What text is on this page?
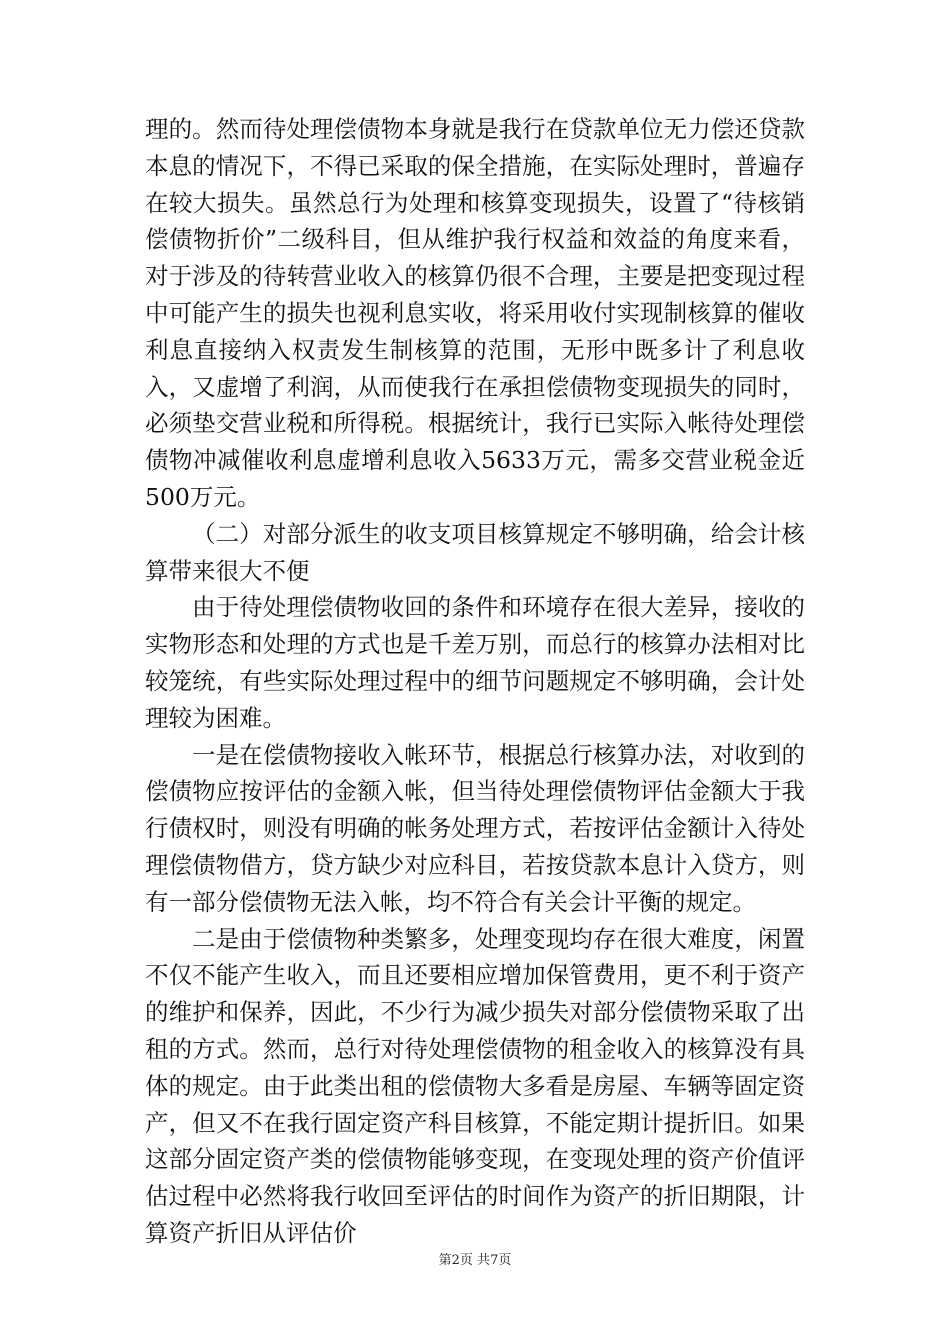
理的。然而待处理偿债物本身就是我行在贷款单位无力偿还贷款本息的情况下，不得已采取的保全措施，在实际处理时，普遍存在较大损失。虽然总行为处理和核算变现损失，设置了“待核销偿债物折价”二级科目，但从维护我行权益和效益的角度来看，对于涉及的待转营业收入的核算仍很不合理，主要是把变现过程中可能产生的损失也视利息实收，将采用收付实现制核算的催收利息直接纳入权责发生制核算的范围，无形中既多计了利息收入，又虚增了利润，从而使我行在承担偿债物变现损失的同时，必须垫交营业税和所得税。根据统计，我行已实际入帐待处理偿债物冲减催收利息虚增利息收入5633万元，需多交营业税金近500万元。

（二）对部分派生的收支项目核算规定不够明确，给会计核算带来很大不便

由于待处理偿债物收回的条件和环境存在很大差异，接收的实物形态和处理的方式也是千差万别，而总行的核算办法相对比较笼统，有些实际处理过程中的细节问题规定不够明确，会计处理较为困难。

一是在偿债物接收入帐环节，根据总行核算办法，对收到的偿债物应按评估的金额入帐，但当待处理偿债物评估金额大于我行债权时，则没有明确的帐务处理方式，若按评估金额计入待处理偿债物借方，贷方缺少对应科目，若按贷款本息计入贷方，则有一部分偿债物无法入帐，均不符合有关会计平衡的规定。

二是由于偿债物种类繁多，处理变现均存在很大难度，闲置不仅不能产生收入，而且还要相应增加保管费用，更不利于资产的维护和保养，因此，不少行为减少损失对部分偿债物采取了出租的方式。然而，总行对待处理偿债物的租金收入的核算没有具体的规定。由于此类出租的偿债物大多看是房屋、车辆等固定资产，但又不在我行固定资产科目核算，不能定期计提折旧。如果这部分固定资产类的偿债物能够变现，在变现处理的资产价值评估过程中必然将我行收回至评估的时间作为资产的折旧期限，计算资产折旧从评估价

第2页 共7页
